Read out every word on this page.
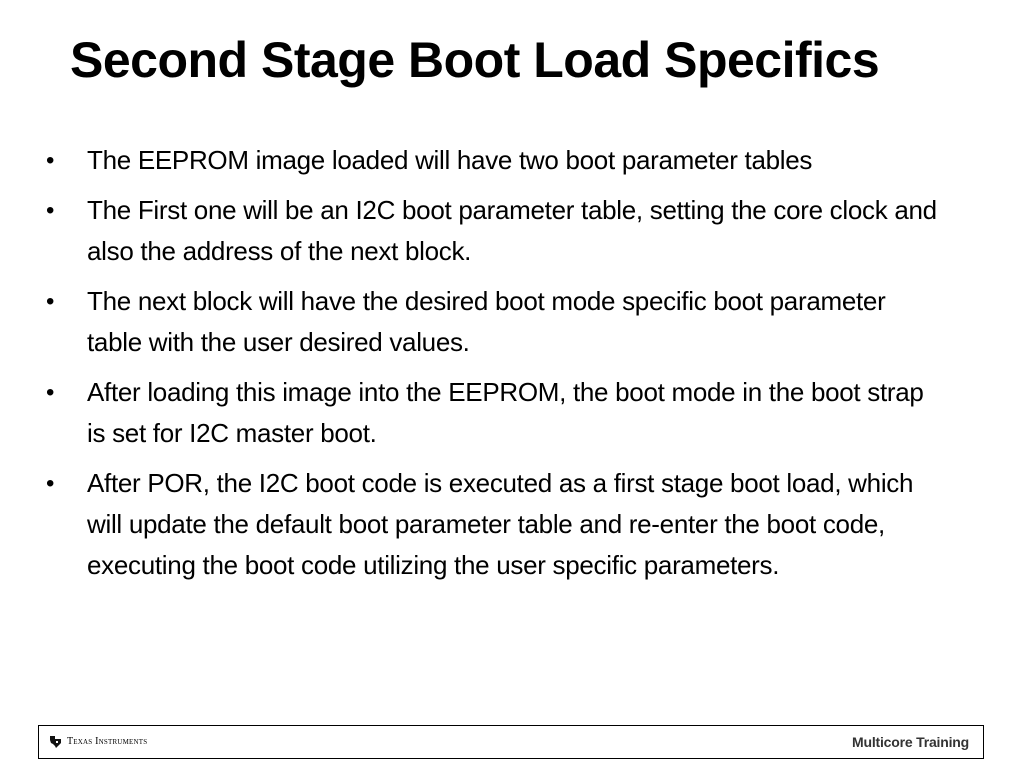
Second Stage Boot Load Specifics
• The EEPROM image loaded will have two boot parameter tables
• The First one will be an I2C boot parameter table, setting the core clock and also the address of the next block.
• The next block will have the desired boot mode specific boot parameter table with the user desired values.
• After loading this image into the EEPROM, the boot mode in the boot strap is set for I2C master boot.
• After POR, the I2C boot code is executed as a first stage boot load, which will update the default boot parameter table and re-enter the boot code, executing the boot code utilizing the user specific parameters.
Texas Instruments	Multicore Training
